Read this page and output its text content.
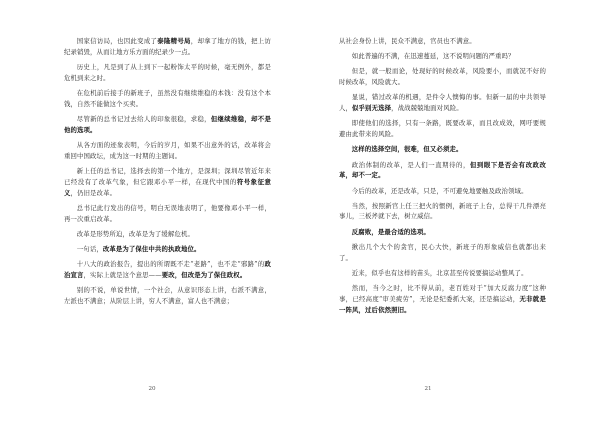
国家信访局，也因此变成了泰隆精号局，却拿了地方的钱，把上访纪录销毁，从而让地方乐方面的纪录少一点。

历史上，凡是到了从上到下一起粉饰太平的时候，毫无例外，都是危机到来之时。

在危机前后接手的新班子，虽然没有继续维稳的本钱：没有这个本钱，自然不能做这个买卖。

尽管新的总书记过去给人的印象很稳，求稳，但继续维稳，却不是他的选项。

从各方面的迹象表明，今后的岁月，如果不出意外的话，改革将会重回中国政坛，成为这一时期的主题词。

新上任的总书记，选择去的第一个地方，是深圳；深圳尽管近年来已经没有了改革气象，但它跟邓小平一样，在现代中国的符号象征意义，仍旧是改革。

总书记此行发出的信号，明白无误地表明了，他要像邓小平一样，再一次重启改革。

改革是形势所迫，改革是为了缓解危机。

一句话，改革是为了保住中共的执政地位。

十八大的政治报告，提出的所谓既不走“老路”，也不走“邪路”的政治宣言，实际上就是这个意思——要改，但改是为了保住政权。

别的不说，单说世情，一个社会，从意识形态上讲，右派不满意，左派也不满意；从阶层上讲，穷人不满意，富人也不满意；

从社会身份上讲，民众不满意，官员也不满意。

如此普遍的不满，在迅速蔓延，这不说明问题的严重吗？

但是，就一般而论，处现好的时候改革，风险要小，而就况不好的时候改革，风险就大。

显说，错过改革的机遇，是件令人懊悔的事。但新一届的中共领导人，似乎别无选择，战战兢兢地面对风险。

即使他们的选择，只有一条路，既要改革，而且改成效，网吁要规避由此带来的风险。

这样的选择空间，很难，但又必须走。

政治体制的改革，是人们一直期待的，但到眼下是否会有改政改革，却不一定。

今后的改革，还是改革，只是，不可避免地要触及政治领域。

当然，按照新官上任三把火的惯例，新班子上台，总得干几件漂亮事儿，三板斧就下去，树立威信。

反腐败，是最合适的选项。

揪出几个大个的贪官，民心大快，新班子的形象威信也就都出来了。

近来，似乎也有这样的苗头，北京甚至传说要搞运动整风了。

然而，当今之时，比不得从前，老百姓对于“加大反腐力度”这种事，已经高度“审美疲劳”，无论是纪委抓大案，还是搞运动，无非就是一阵风，过后依然照旧。

20	21
